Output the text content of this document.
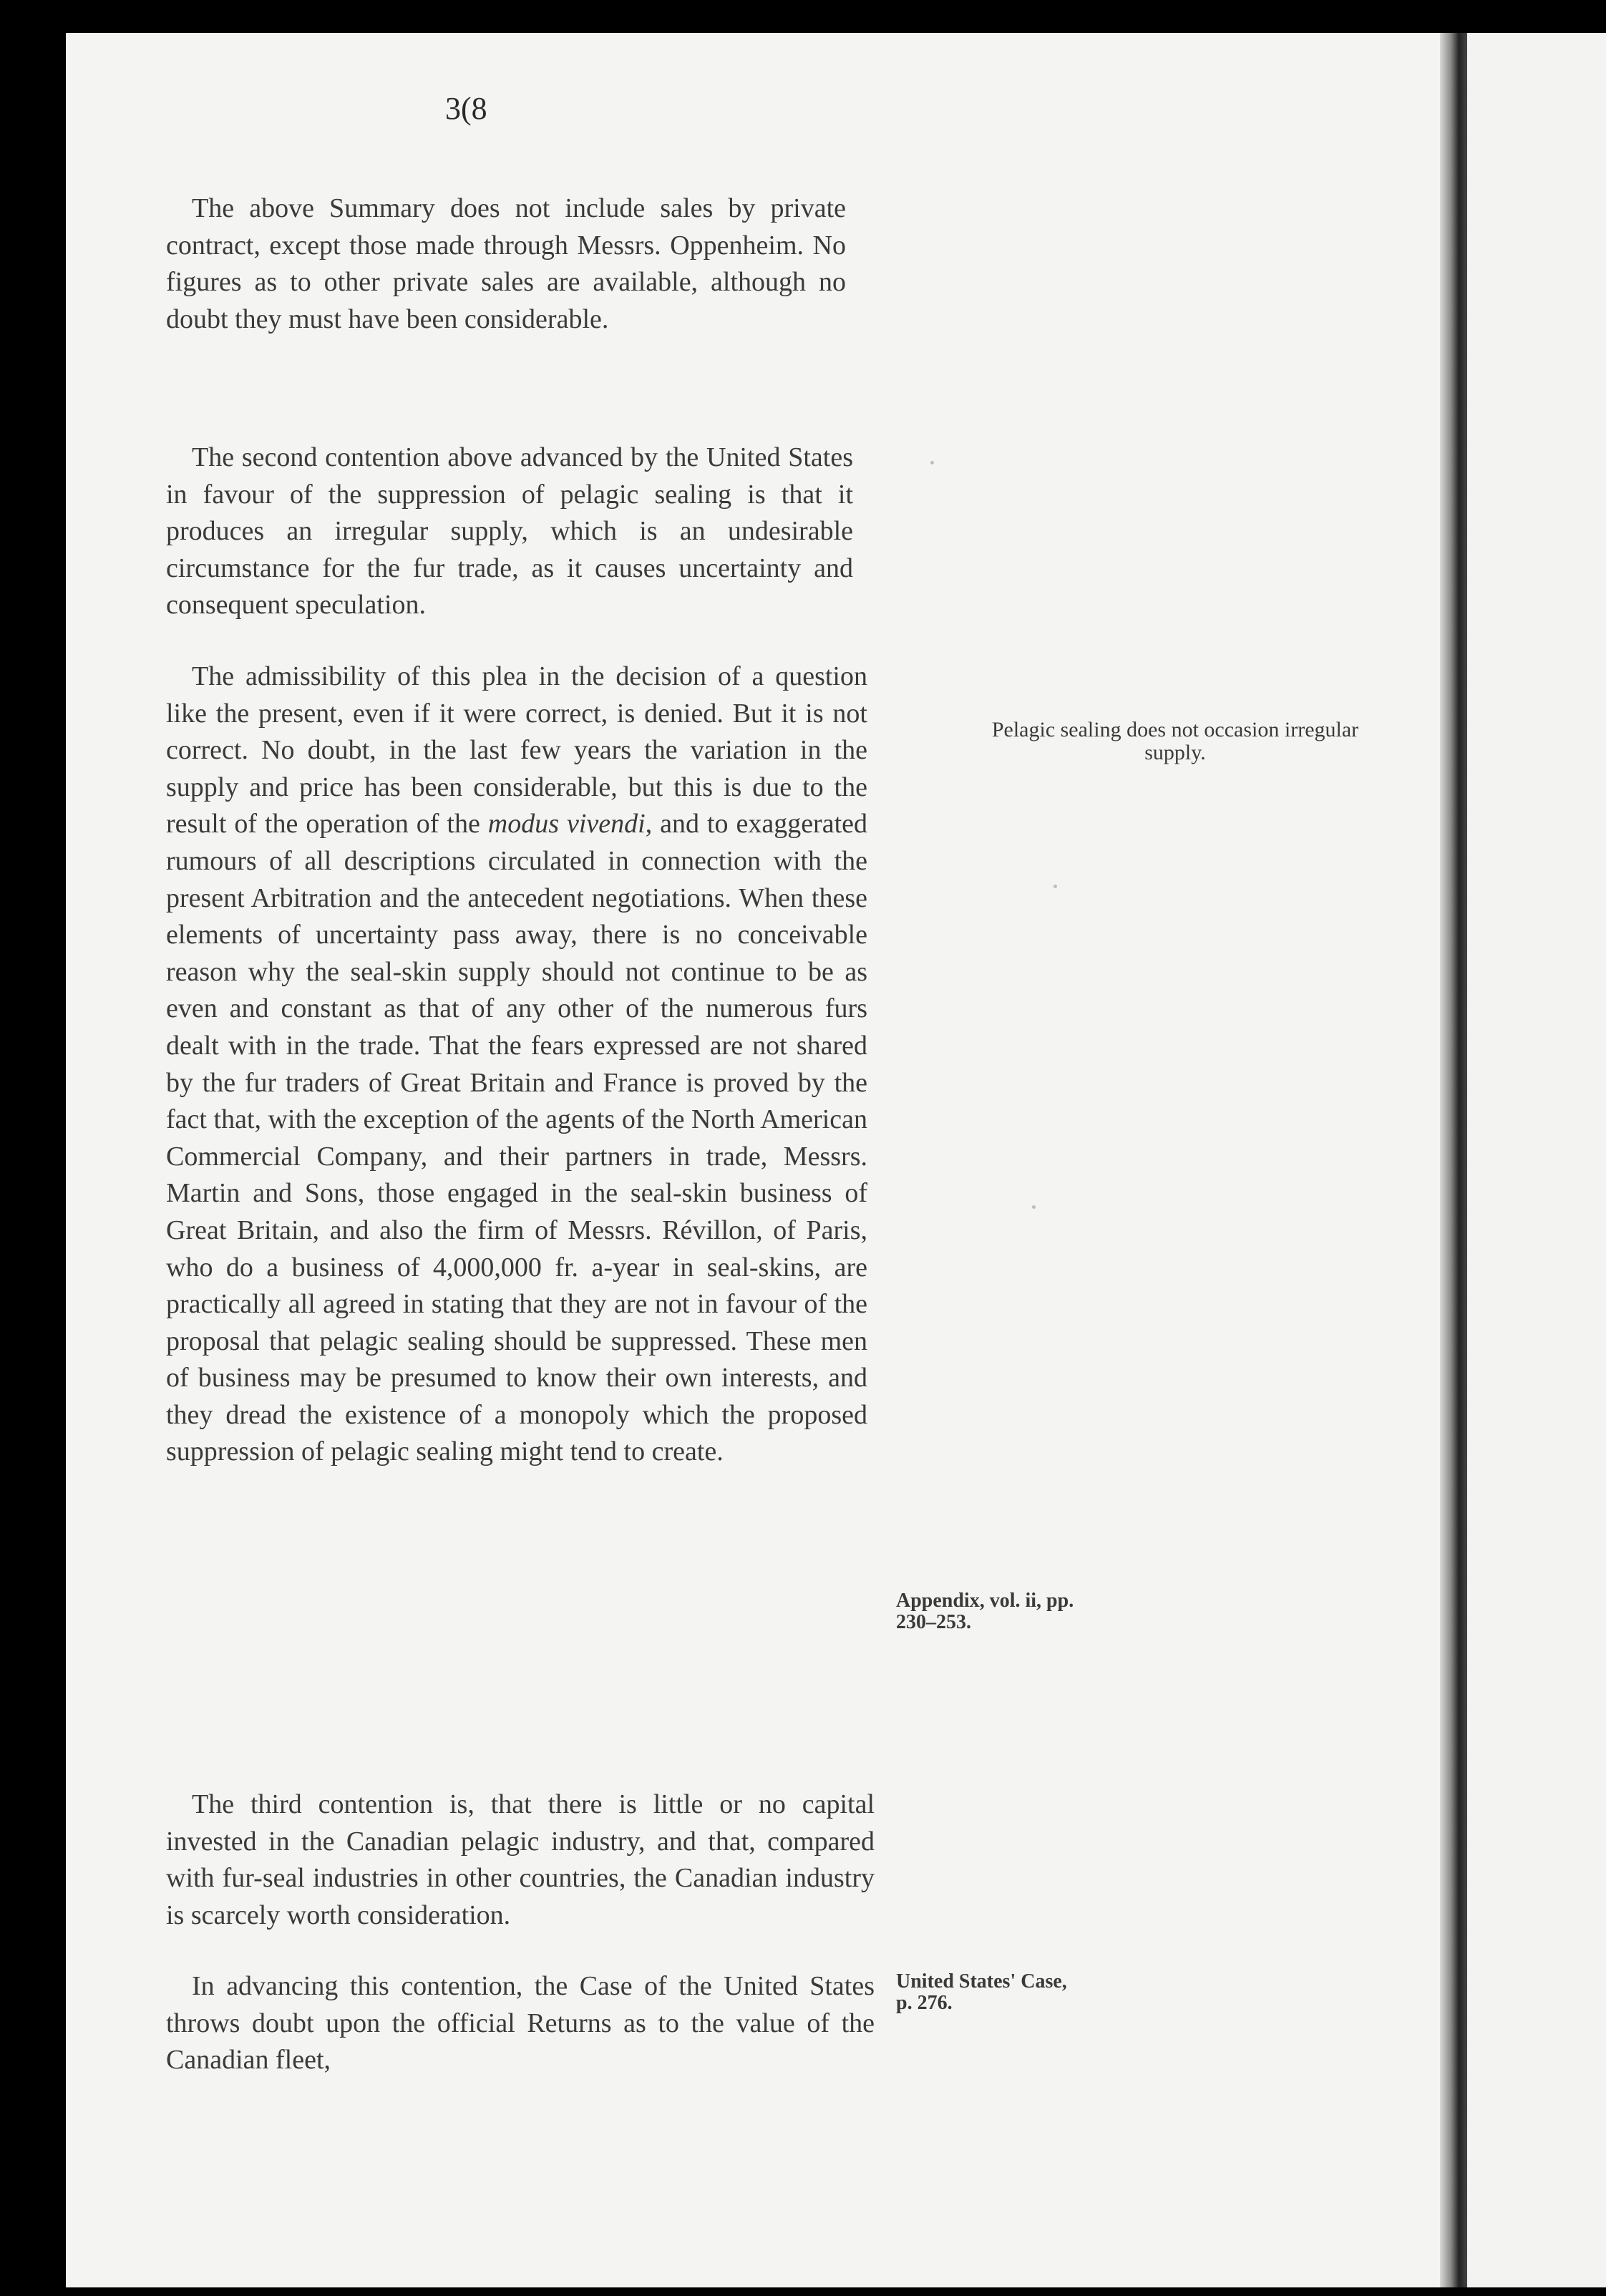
3(8

The above Summary does not include sales by private contract, except those made through Messrs. Oppenheim. No figures as to other private sales are available, although no doubt they must have been considerable.

The second contention above advanced by the United States in favour of the suppression of pelagic sealing is that it produces an irregular supply, which is an undesirable circumstance for the fur trade, as it causes uncertainty and consequent speculation.

The admissibility of this plea in the decision of a question like the present, even if it were correct, is denied. But it is not correct. No doubt, in the last few years the variation in the supply and price has been considerable, but this is due to the result of the operation of the modus vivendi, and to exaggerated rumours of all descriptions circulated in connection with the present Arbitration and the antecedent negotiations. When these elements of uncertainty pass away, there is no conceivable reason why the seal-skin supply should not continue to be as even and constant as that of any other of the numerous furs dealt with in the trade. That the fears expressed are not shared by the fur traders of Great Britain and France is proved by the fact that, with the exception of the agents of the North American Commercial Company, and their partners in trade, Messrs. Martin and Sons, those engaged in the seal-skin business of Great Britain, and also the firm of Messrs. Révillon, of Paris, who do a business of 4,000,000 fr. a-year in seal-skins, are practically all agreed in stating that they are not in favour of the proposal that pelagic sealing should be suppressed. These men of business may be presumed to know their own interests, and they dread the existence of a monopoly which the proposed suppression of pelagic sealing might tend to create.

The third contention is, that there is little or no capital invested in the Canadian pelagic industry, and that, compared with fur-seal industries in other countries, the Canadian industry is scarcely worth consideration.

In advancing this contention, the Case of the United States throws doubt upon the official Returns as to the value of the Canadian fleet,

Pelagic sealing does not occasion irregular supply.
Appendix, vol. ii, pp. 230–253.
United States' Case, p. 276.
